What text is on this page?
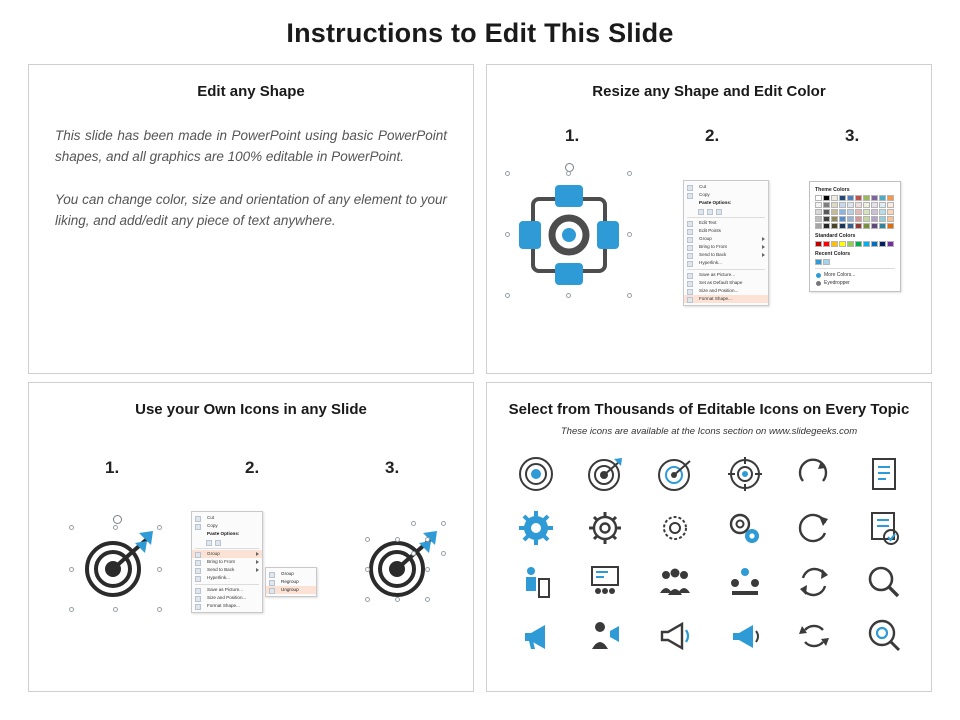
Instructions to Edit This Slide
Edit any Shape
This slide has been made in PowerPoint using basic PowerPoint shapes, and all graphics are 100% editable in PowerPoint.
You can change color, size and orientation of any element to your liking, and add/edit any piece of text anywhere.
Resize any Shape and Edit Color
1.	2.	3.
Cut
Copy
Paste Options:
Edit Text
Edit Points
Group
Bring to Front
Send to Back
Hyperlink...
Save as Picture...
Set as Default Shape
Size and Position...
Format Shape...
Theme Colors
Standard Colors
Recent Colors
More Colors...
Eyedropper
Use your Own Icons in any Slide
1.	2.	3.
Cut
Copy
Paste Options:
Group
Bring to Front
Send to Back
Hyperlink...
Save as Picture...
Size and Position...
Format Shape...
Group
Regroup
Ungroup
Select from Thousands of Editable Icons on Every Topic
These icons are available at the Icons section on www.slidegeeks.com
